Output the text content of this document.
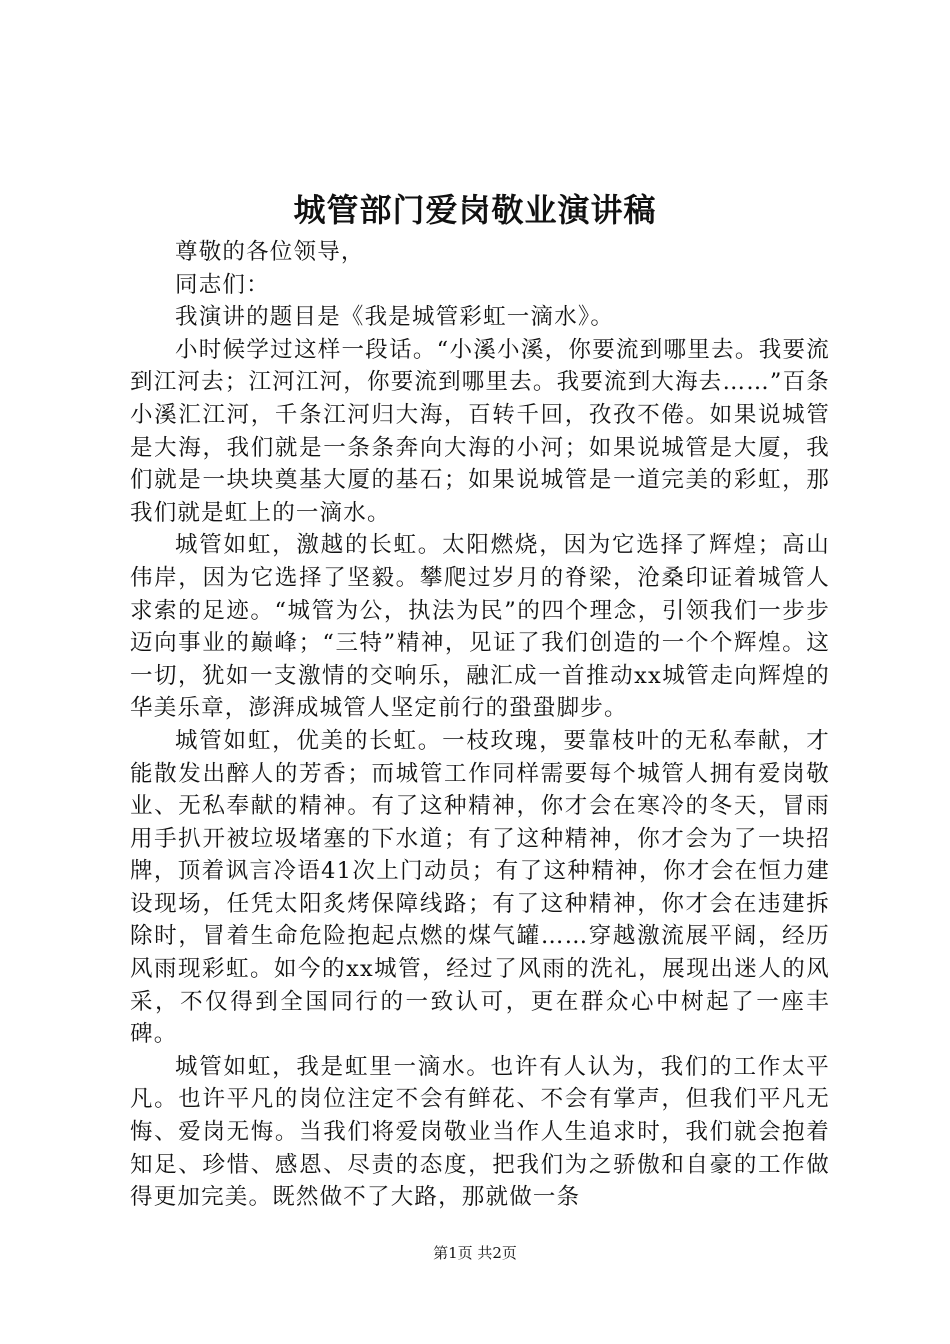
城管部门爱岗敬业演讲稿

尊敬的各位领导，

同志们：

我演讲的题目是《我是城管彩虹一滴水》。

小时候学过这样一段话。“小溪小溪，你要流到哪里去。我要流到江河去；江河江河，你要流到哪里去。我要流到大海去……”百条小溪汇江河，千条江河归大海，百转千回，孜孜不倦。如果说城管是大海，我们就是一条条奔向大海的小河；如果说城管是大厦，我们就是一块块奠基大厦的基石；如果说城管是一道完美的彩虹，那我们就是虹上的一滴水。

城管如虹，激越的长虹。太阳燃烧，因为它选择了辉煌；高山伟岸，因为它选择了坚毅。攀爬过岁月的脊梁，沧桑印证着城管人求索的足迹。“城管为公，执法为民”的四个理念，引领我们一步步迈向事业的巅峰；“三特”精神，见证了我们创造的一个个辉煌。这一切，犹如一支激情的交响乐，融汇成一首推动xx城管走向辉煌的华美乐章，澎湃成城管人坚定前行的蛩蛩脚步。

城管如虹，优美的长虹。一枝玫瑰，要靠枝叶的无私奉献，才能散发出醉人的芳香；而城管工作同样需要每个城管人拥有爱岗敬业、无私奉献的精神。有了这种精神，你才会在寒冷的冬天，冒雨用手扒开被垃圾堵塞的下水道；有了这种精神，你才会为了一块招牌，顶着讽言冷语41次上门动员；有了这种精神，你才会在恒力建设现场，任凭太阳炙烤保障线路；有了这种精神，你才会在违建拆除时，冒着生命危险抱起点燃的煤气罐……穿越激流展平阔，经历风雨现彩虹。如今的xx城管，经过了风雨的洗礼，展现出迷人的风采，不仅得到全国同行的一致认可，更在群众心中树起了一座丰碑。

城管如虹，我是虹里一滴水。也许有人认为，我们的工作太平凡。也许平凡的岗位注定不会有鲜花、不会有掌声，但我们平凡无悔、爱岗无悔。当我们将爱岗敬业当作人生追求时，我们就会抱着知足、珍惜、感恩、尽责的态度，把我们为之骄傲和自豪的工作做得更加完美。既然做不了大路，那就做一条

第1页 共2页
